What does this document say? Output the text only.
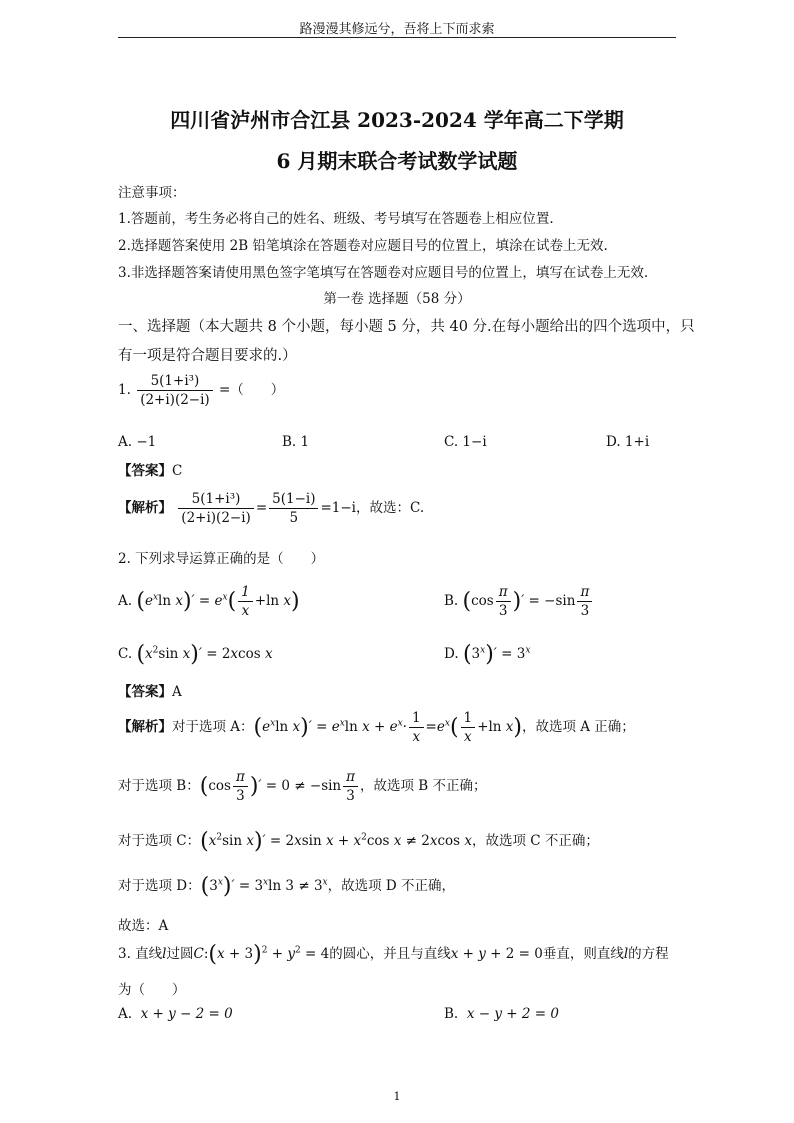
路漫漫其修远兮，吾将上下而求索
四川省泸州市合江县 2023-2024 学年高二下学期
6 月期末联合考试数学试题
注意事项：
1.答题前，考生务必将自己的姓名、班级、考号填写在答题卷上相应位置.
2.选择题答案使用 2B 铅笔填涂在答题卷对应题目号的位置上，填涂在试卷上无效.
3.非选择题答案请使用黑色签字笔填写在答题卷对应题目号的位置上，填写在试卷上无效.
第一卷 选择题（58 分）
一、选择题（本大题共 8 个小题，每小题 5 分，共 40 分.在每小题给出的四个选项中，只
有一项是符合题目要求的.）
1. $\frac{\text{5(1+i³)}}{(2+i)(2-i)}$ =（　　）
A. −1	B. 1	C. 1−i	D. 1+i
【答案】C
【解析】 $\frac{\text{5(1+i³)}}{(2+i)(2-i)} = \frac{5(1-i)}{5} =1-i$，故选：C.
2. 下列求导运算正确的是（　　）
A. ($e^x\ln$ $x)' = e^x( \frac{1}{x} +\ln$ x)	B. ($\cos \frac{\pi}{3}$ )′ = $-\sin \frac{\pi}{3}$
C. ($x^2\sin$ x)′ = 2xcos x	D. $(3^x)' = 3^x$
【答案】A
【解析】对于选项 A：($e^x\ln$ $x)' = e^x\ln$ $x + e^x\cdot \frac{1}{x} =e^x( \frac{1}{x} +\ln$ x)，故选项 A 正确；
对于选项 B：($\cos \frac{\pi}{3}$ )′ = $0 \ne -\sin \frac{\pi}{3}$ ，故选项 B 不正确；
对于选项 C：($x^2\sin$ x)′ = 2xsin $x + x^2\cos$ x ≠ 2xcos x，故选项 C 不正确；
对于选项 D：$(3^x)' = 3^x\ln$ $3 \ne 3^x$，故选项 D 不正确，
故选：A
3. 直线l过圆C:(x + $3)^2 + y^2 = 4$的圆心，并且与直线x + y + 2 = 0垂直，则直线l的方程
为（　　）
A. x + y − 2 = 0	B. x − y + 2 = 0
1
